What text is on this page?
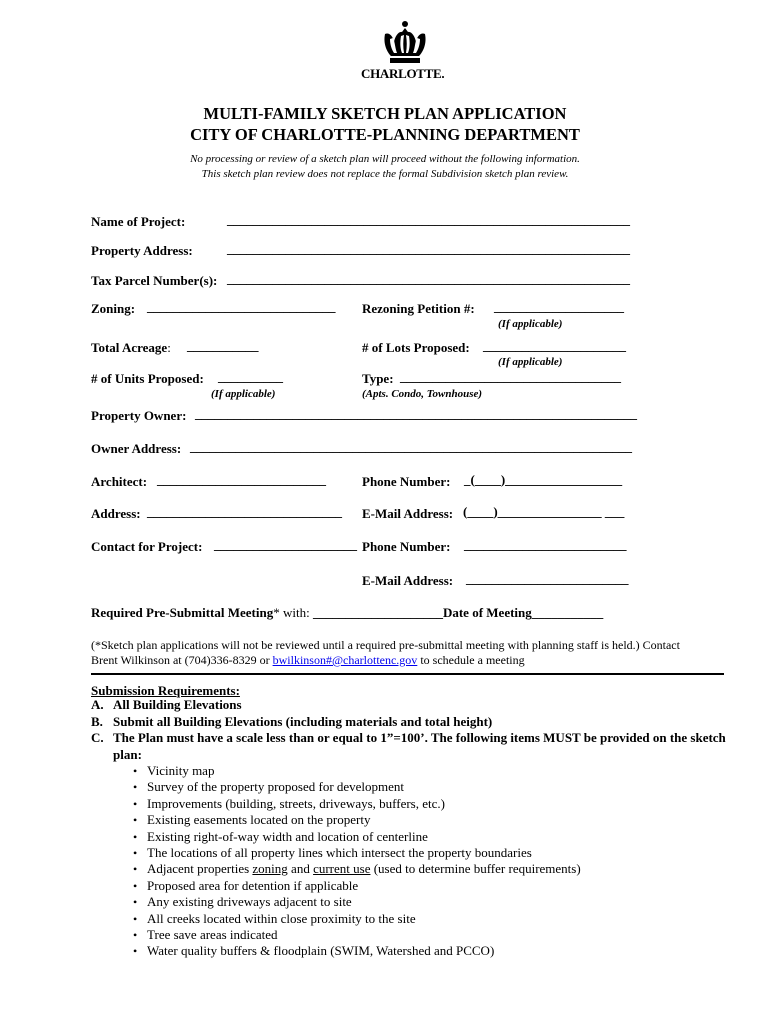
CHARLOTTE.
MULTI-FAMILY SKETCH PLAN APPLICATION
CITY OF CHARLOTTE-PLANNING DEPARTMENT
No processing or review of a sketch plan will proceed without the following information.
This sketch plan review does not replace the formal Subdivision sketch plan review.
Name of Project:	______________________________________________________________
Property Address:	______________________________________________________________
Tax Parcel Number(s): ______________________________________________________________
Zoning: _____________________________ Rezoning Petition #: ____________________
(If applicable)
Total Acreage: ___________	# of Lots Proposed: ______________________
(If applicable)
# of Units Proposed: __________
(If applicable)
Type: __________________________________
(Apts. Condo, Townhouse)
Property Owner: ____________________________________________________________________
Owner Address: ____________________________________________________________________
Architect: __________________________	Phone Number: _(____)__________________
Address: ______________________________ E-Mail Address: (____)________________ ___
Contact for Project: ______________________ Phone Number: _________________________
E-Mail Address: _________________________
Required Pre-Submittal Meeting* with: ____________________Date of Meeting___________
(*Sketch plan applications will not be reviewed until a required pre-submittal meeting with planning staff is held.) Contact
Brent Wilkinson at (704)336-8329 or bwilkinson#@charlottenc.gov to schedule a meeting
Submission Requirements:
A. All Building Elevations
B. Submit all Building Elevations (including materials and total height)
C. The Plan must have a scale less than or equal to 1”=100’. The following items MUST be provided on the sketch plan:
• Vicinity map
• Survey of the property proposed for development
• Improvements (building, streets, driveways, buffers, etc.)
• Existing easements located on the property
• Existing right-of-way width and location of centerline
• The locations of all property lines which intersect the property boundaries
• Adjacent properties zoning and current use (used to determine buffer requirements)
• Proposed area for detention if applicable
• Any existing driveways adjacent to site
• All creeks located within close proximity to the site
• Tree save areas indicated
• Water quality buffers & floodplain (SWIM, Watershed and PCCO)
